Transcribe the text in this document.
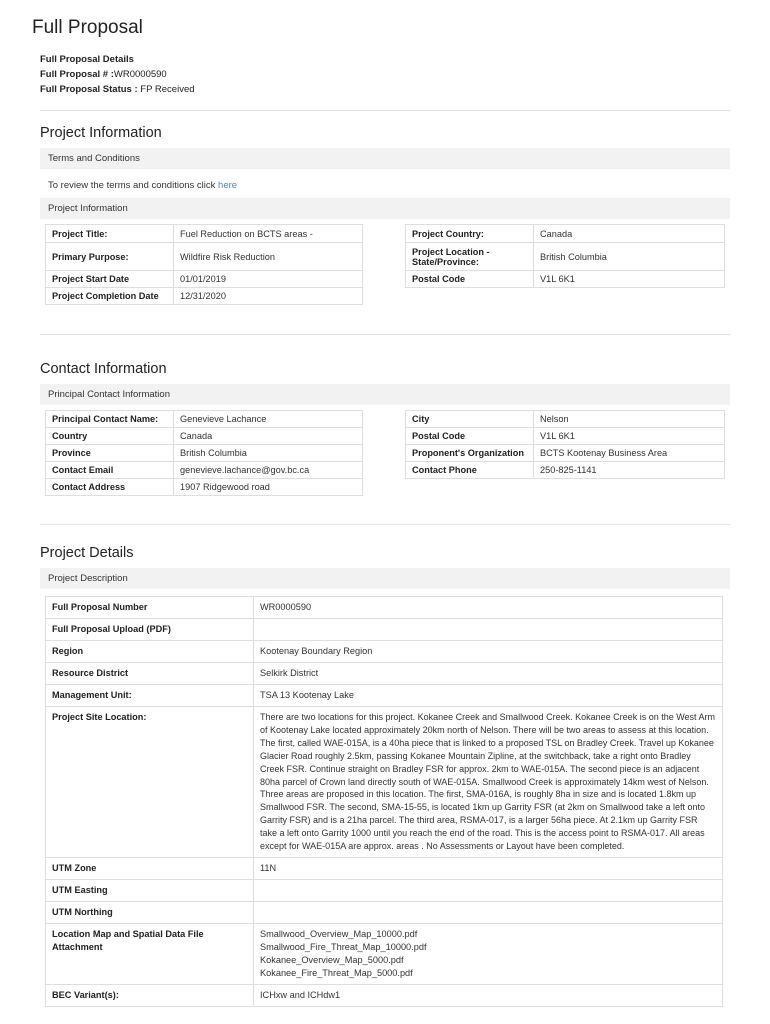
Full Proposal
Full Proposal Details
Full Proposal # :WR0000590
Full Proposal Status : FP Received
Project Information
Terms and Conditions
To review the terms and conditions click here
Project Information
Project Title:	Fuel Reduction on BCTS areas -
Primary Purpose:	Wildfire Risk Reduction
Project Start Date	01/01/2019
Project Completion Date	12/31/2020
Project Country:	Canada
Project Location - State/Province:	British Columbia
Postal Code	V1L 6K1
Contact Information
Principal Contact Information
Principal Contact Name:	Genevieve Lachance
Country	Canada
Province	British Columbia
Contact Email	genevieve.lachance@gov.bc.ca
Contact Address	1907 Ridgewood road
City	Nelson
Postal Code	V1L 6K1
Proponent's Organization	BCTS Kootenay Business Area
Contact Phone	250-825-1141
Project Details
Project Description
Full Proposal Number	WR0000590
Full Proposal Upload (PDF)	
Region	Kootenay Boundary Region
Resource District	Selkirk District
Management Unit:	TSA 13 Kootenay Lake
Project Site Location:	There are two locations for this project. Kokanee Creek and Smallwood Creek. Kokanee Creek is on the West Arm of Kootenay Lake located approximately 20km north of Nelson. There will be two areas to assess at this location. The first, called WAE-015A, is a 40ha piece that is linked to a proposed TSL on Bradley Creek. Travel up Kokanee Glacier Road roughly 2.5km, passing Kokanee Mountain Zipline, at the switchback, take a right onto Bradley Creek FSR. Continue straight on Bradley FSR for approx. 2km to WAE-015A. The second piece is an adjacent 80ha parcel of Crown land directly south of WAE-015A. Smallwood Creek is approximately 14km west of Nelson. Three areas are proposed in this location. The first, SMA-016A, is roughly 8ha in size and is located 1.8km up Smallwood FSR. The second, SMA-15-55, is located 1km up Garrity FSR (at 2km on Smallwood take a left onto Garrity FSR) and is a 21ha parcel. The third area, RSMA-017, is a larger 56ha piece. At 2.1km up Garrity FSR take a left onto Garrity 1000 until you reach the end of the road. This is the access point to RSMA-017. All areas except for WAE-015A are approx. areas . No Assessments or Layout have been completed.
UTM Zone	11N
UTM Easting	
UTM Northing	
Location Map and Spatial Data File Attachment	Smallwood_Overview_Map_10000.pdf
Smallwood_Fire_Threat_Map_10000.pdf
Kokanee_Overview_Map_5000.pdf
Kokanee_Fire_Threat_Map_5000.pdf

BEC Variant(s):	ICHxw and ICHdw1
